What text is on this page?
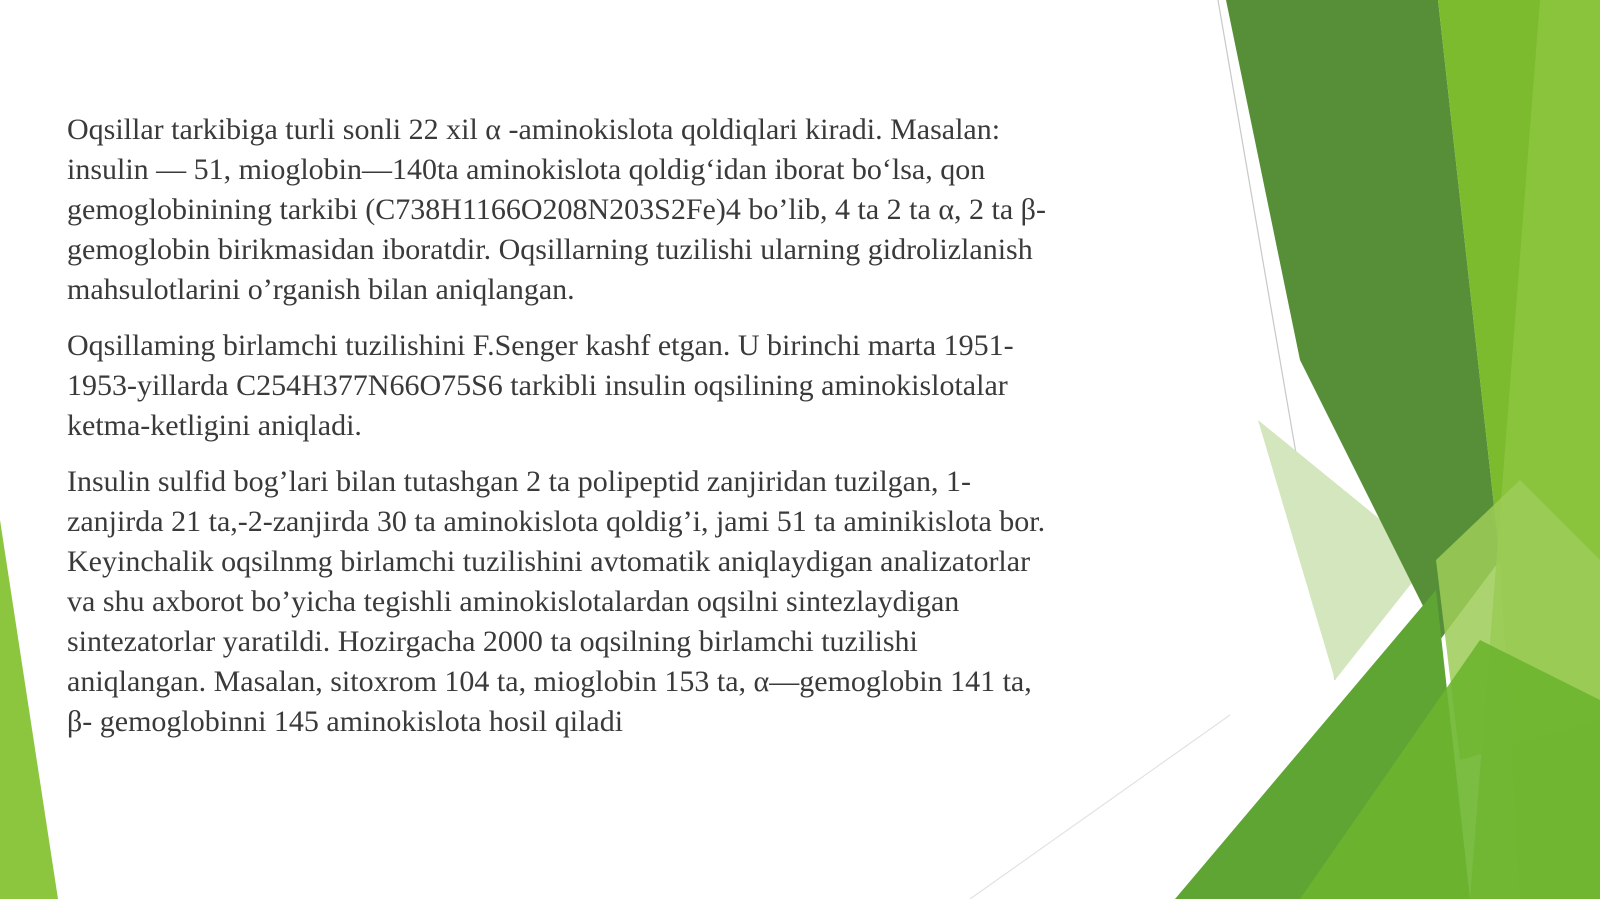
Oqsillar tarkibiga turli sonli 22 xil α -aminokislota qoldiqlari kiradi. Masalan:
insulin — 51, mioglobin—140ta aminokislota qoldig‘idan iborat bo‘lsa, qon
gemoglobinining tarkibi (C738H1166O208N203S2Fe)4 bo’lib, 4 ta 2 ta α, 2 ta β-
gemoglobin birikmasidan iboratdir. Oqsillarning tuzilishi ularning gidrolizlanish
mahsulotlarini o’rganish bilan aniqlangan.

Oqsillaming birlamchi tuzilishini F.Senger kashf etgan. U birinchi marta 1951-
1953-yillarda C254H377N66O75S6 tarkibli insulin oqsilining aminokislotalar
ketma-ketligini aniqladi.

Insulin sulfid bog’lari bilan tutashgan 2 ta polipeptid zanjiridan tuzilgan, 1-
zanjirda 21 ta,-2-zanjirda 30 ta aminokislota qoldig’i, jami 51 ta aminikislota bor.
Keyinchalik oqsilnmg birlamchi tuzilishini avtomatik aniqlaydigan analizatorlar
va shu axborot bo’yicha tegishli aminokislotalardan oqsilni sintezlaydigan
sintezatorlar yaratildi. Hozirgacha 2000 ta oqsilning birlamchi tuzilishi
aniqlangan. Masalan, sitoxrom 104 ta, mioglobin 153 ta, α—gemoglobin 141 ta,
β- gemoglobinni 145 aminokislota hosil qiladi
